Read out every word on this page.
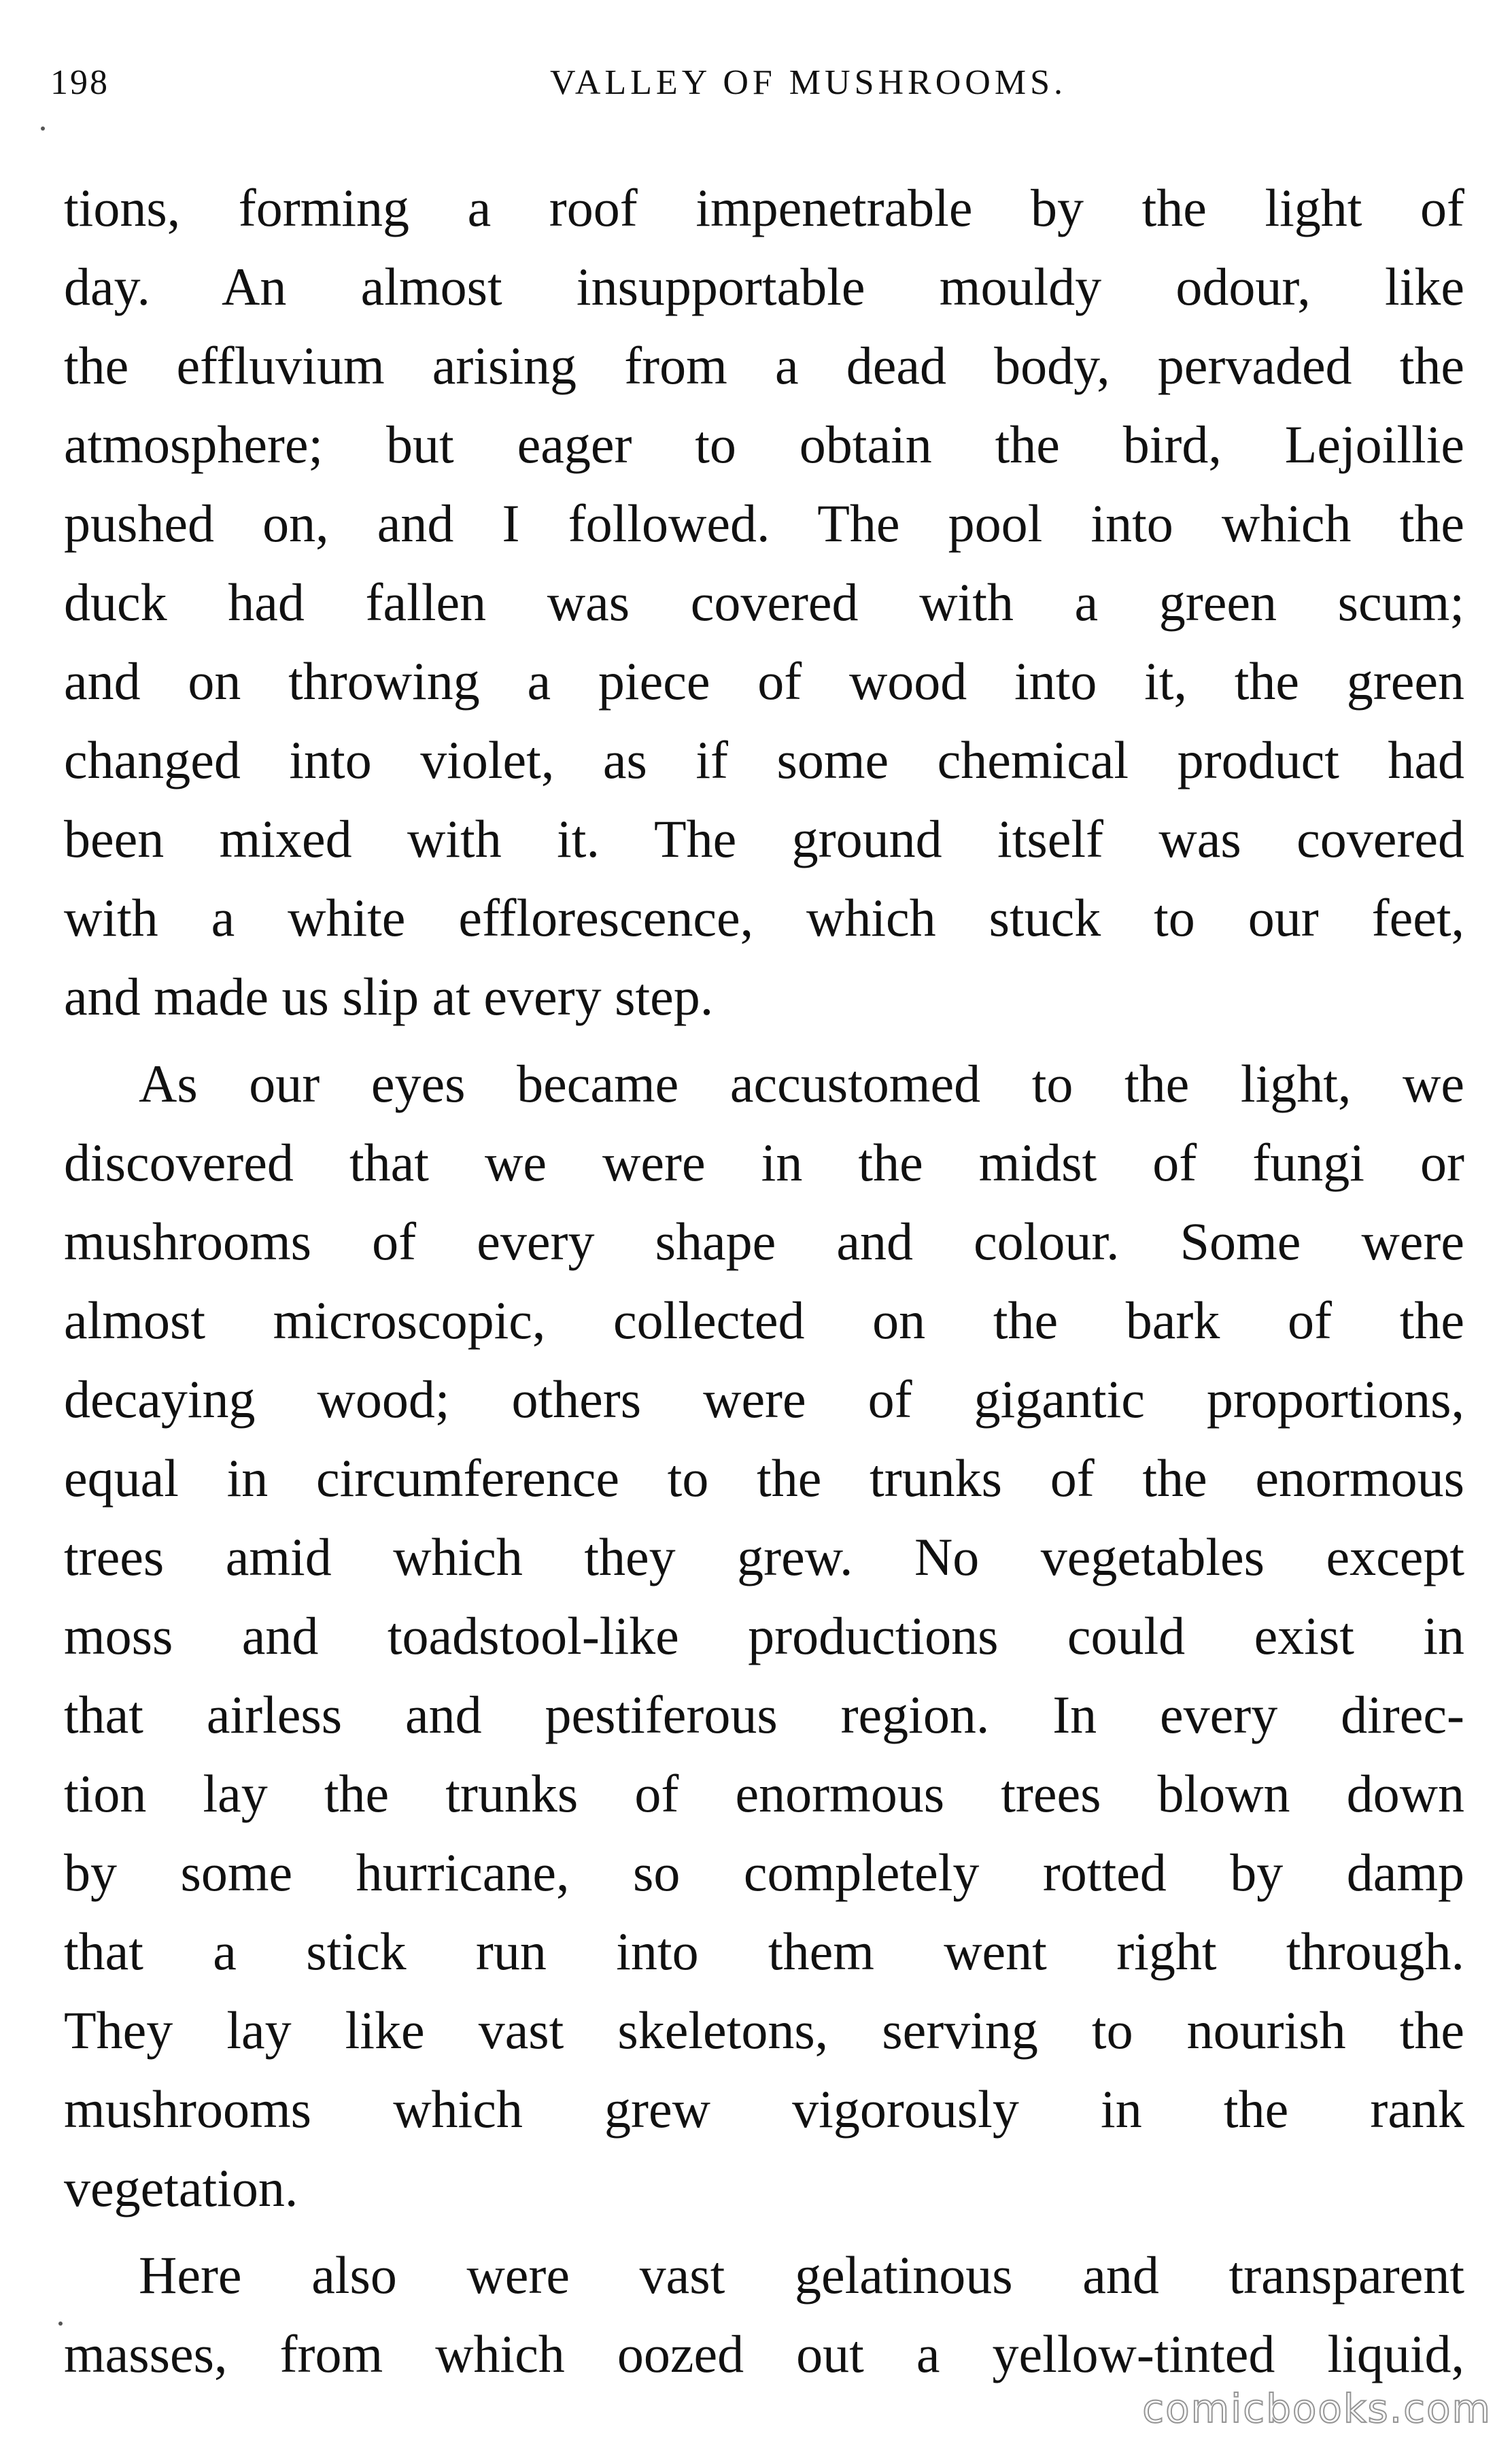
198	VALLEY OF MUSHROOMS.
tions, forming a roof impenetrable by the light of
day. An almost insupportable mouldy odour, like
the effluvium arising from a dead body, pervaded the
atmosphere; but eager to obtain the bird, Lejoillie
pushed on, and I followed. The pool into which the
duck had fallen was covered with a green scum;
and on throwing a piece of wood into it, the green
changed into violet, as if some chemical product had
been mixed with it. The ground itself was covered
with a white efflorescence, which stuck to our feet,
and made us slip at every step.
As our eyes became accustomed to the light, we
discovered that we were in the midst of fungi or
mushrooms of every shape and colour. Some were
almost microscopic, collected on the bark of the
decaying wood; others were of gigantic proportions,
equal in circumference to the trunks of the enormous
trees amid which they grew. No vegetables except
moss and toadstool-like productions could exist in
that airless and pestiferous region. In every direc-
tion lay the trunks of enormous trees blown down
by some hurricane, so completely rotted by damp
that a stick run into them went right through.
They lay like vast skeletons, serving to nourish the
mushrooms which grew vigorously in the rank
vegetation.
Here also were vast gelatinous and transparent
masses, from which oozed out a yellow-tinted liquid,
comicbooks.com
